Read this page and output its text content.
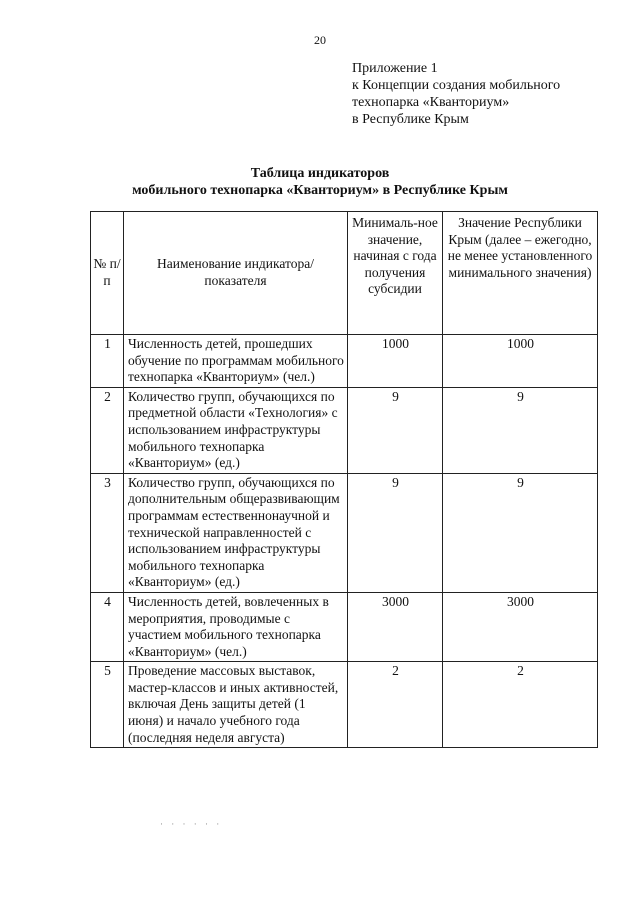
20
Приложение 1
к Концепции создания мобильного
технопарка «Кванториум»
в Республике Крым
Таблица индикаторов
мобильного технопарка «Кванториум» в Республике Крым
№ п/п	Наименование индикатора/показателя	Минималь-ное значение, начиная с года получения субсидии	Значение Республики Крым (далее – ежегодно, не менее установленного минимального значения)
1	Численность детей, прошедших обучение по программам мобильного технопарка «Кванториум» (чел.)	1000	1000
2	Количество групп, обучающихся по предметной области «Технология» с использованием инфраструктуры мобильного технопарка «Кванториум» (ед.)	9	9
3	Количество групп, обучающихся по дополнительным общеразвивающим программам естественнонаучной и технической направленностей с использованием инфраструктуры мобильного технопарка «Кванториум» (ед.)	9	9
4	Численность детей, вовлеченных в мероприятия, проводимые с участием мобильного технопарка «Кванториум» (чел.)	3000	3000
5	Проведение массовых выставок, мастер-классов и иных активностей, включая День защиты детей (1 июня) и начало учебного года (последняя неделя августа)	2	2
· · · · · ·
